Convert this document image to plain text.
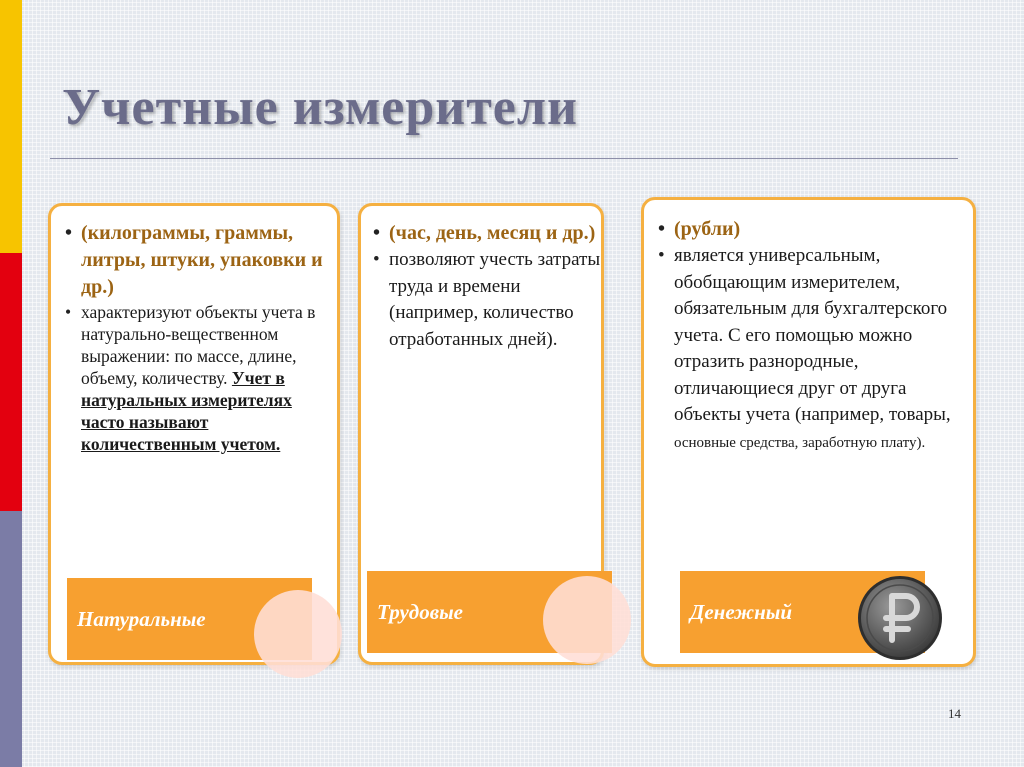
Учетные измерители
• (килограммы, граммы, литры, штуки, упаковки и др.)
• характеризуют объекты учета в натурально-вещественном выражении: по массе, длине, объему, количеству. Учет в натуральных измерителях часто называют количественным учетом.
• (час, день, месяц и др.)
• позволяют учесть затраты труда и времени (например, количество отработанных дней).
• (рубли)
• является универсальным, обобщающим измерителем, обязательным для бухгалтерского учета. С его помощью можно отразить разнородные, отличающиеся друг от друга объекты учета (например, товары, основные средства, заработную плату).
Натуральные	Трудовые	Денежный
14
